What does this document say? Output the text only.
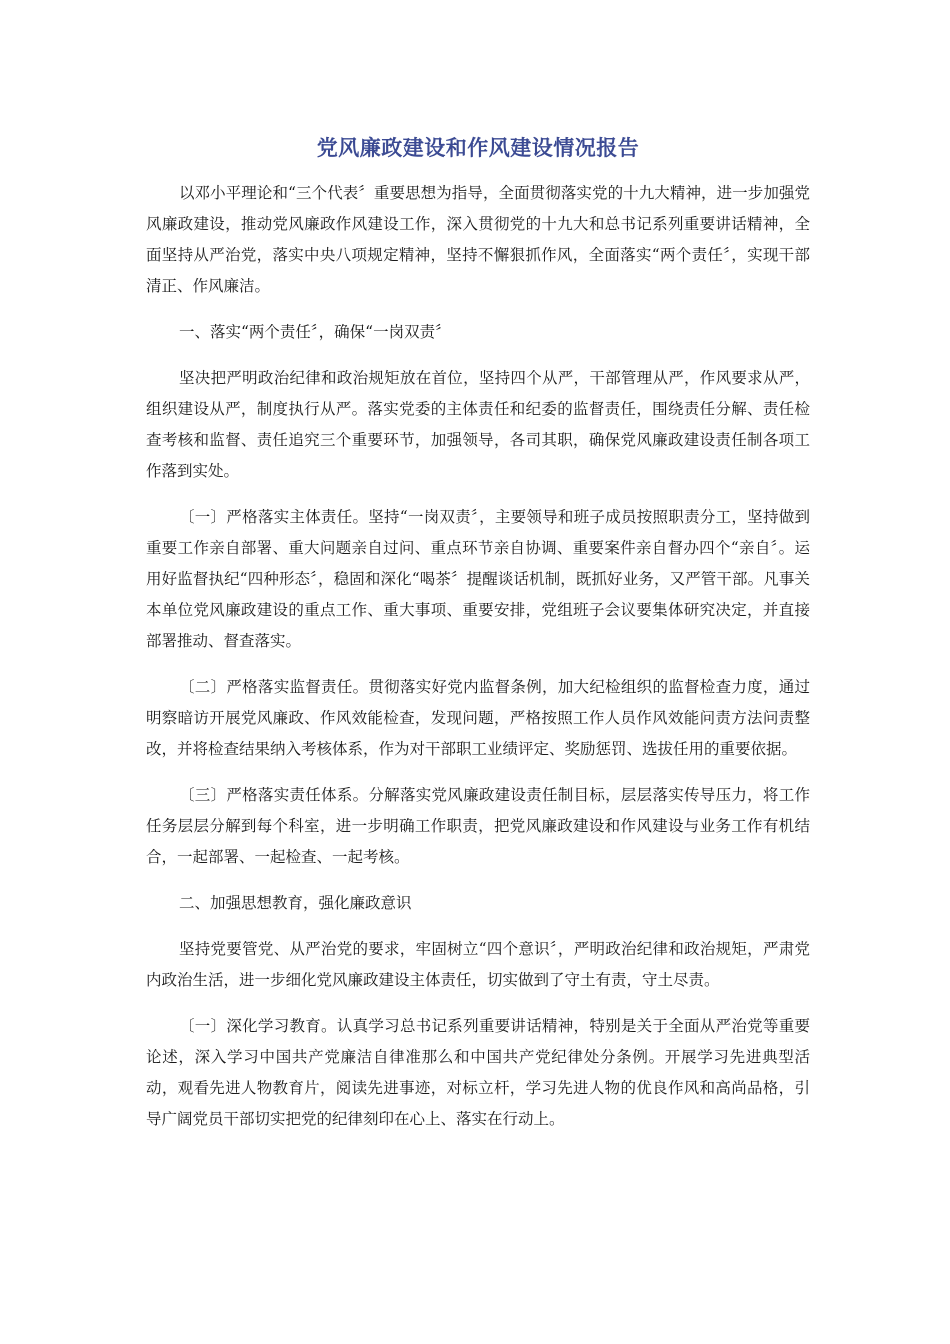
党风廉政建设和作风建设情况报告

以邓小平理论和“三个代表〞重要思想为指导，全面贯彻落实党的十九大精神，进一步加强党风廉政建设，推动党风廉政作风建设工作，深入贯彻党的十九大和总书记系列重要讲话精神，全面坚持从严治党，落实中央八项规定精神，坚持不懈狠抓作风，全面落实“两个责任〞，实现干部清正、作风廉洁。

一、落实“两个责任〞，确保“一岗双责〞

坚决把严明政治纪律和政治规矩放在首位，坚持四个从严，干部管理从严，作风要求从严，组织建设从严，制度执行从严。落实党委的主体责任和纪委的监督责任，围绕责任分解、责任检查考核和监督、责任追究三个重要环节，加强领导，各司其职，确保党风廉政建设责任制各项工作落到实处。

〔一〕严格落实主体责任。坚持“一岗双责〞，主要领导和班子成员按照职责分工，坚持做到重要工作亲自部署、重大问题亲自过问、重点环节亲自协调、重要案件亲自督办四个“亲自〞。运用好监督执纪“四种形态〞，稳固和深化“喝茶〞提醒谈话机制，既抓好业务，又严管干部。凡事关本单位党风廉政建设的重点工作、重大事项、重要安排，党组班子会议要集体研究决定，并直接部署推动、督查落实。

〔二〕严格落实监督责任。贯彻落实好党内监督条例，加大纪检组织的监督检查力度，通过明察暗访开展党风廉政、作风效能检查，发现问题，严格按照工作人员作风效能问责方法问责整改，并将检查结果纳入考核体系，作为对干部职工业绩评定、奖励惩罚、选拔任用的重要依据。

〔三〕严格落实责任体系。分解落实党风廉政建设责任制目标，层层落实传导压力，将工作任务层层分解到每个科室，进一步明确工作职责，把党风廉政建设和作风建设与业务工作有机结合，一起部署、一起检查、一起考核。

二、加强思想教育，强化廉政意识

坚持党要管党、从严治党的要求，牢固树立“四个意识〞，严明政治纪律和政治规矩，严肃党内政治生活，进一步细化党风廉政建设主体责任，切实做到了守土有责，守土尽责。

〔一〕深化学习教育。认真学习总书记系列重要讲话精神，特别是关于全面从严治党等重要论述，深入学习中国共产党廉洁自律准那么和中国共产党纪律处分条例。开展学习先进典型活动，观看先进人物教育片，阅读先进事迹，对标立杆，学习先进人物的优良作风和高尚品格，引导广阔党员干部切实把党的纪律刻印在心上、落实在行动上。
